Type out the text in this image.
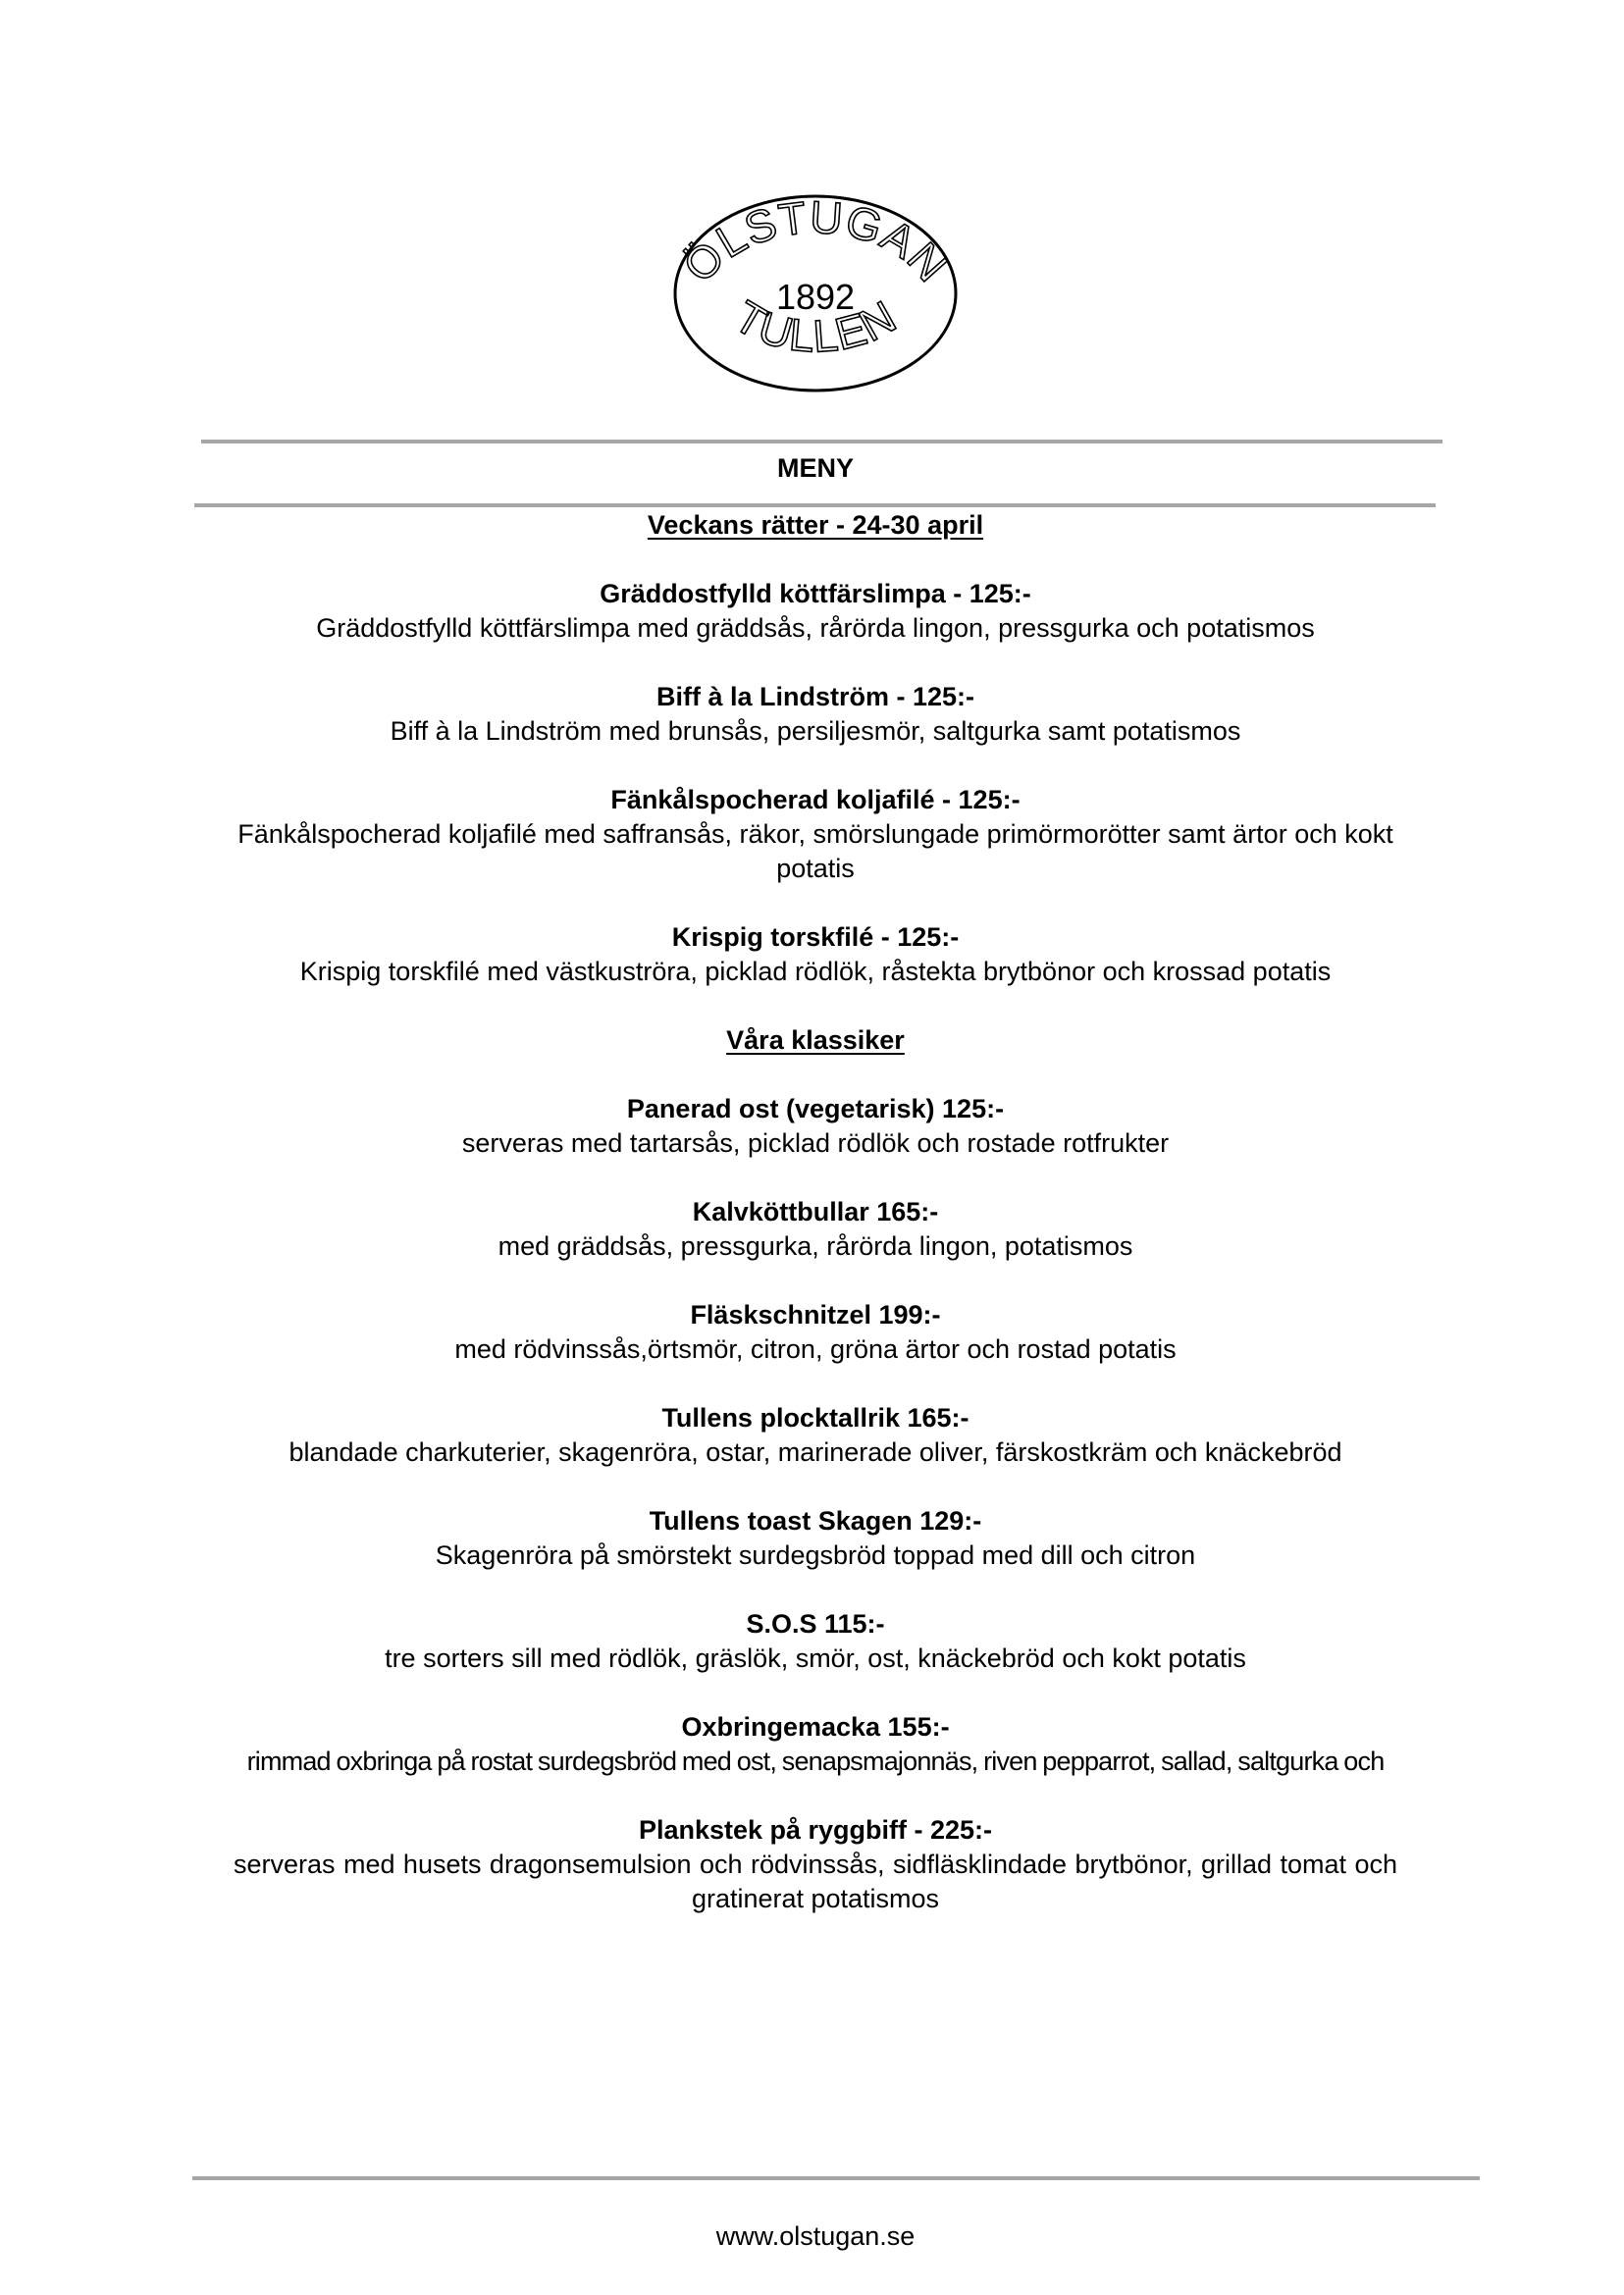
ÖLSTUGAN
1892
TULLEN
MENY

Veckans rätter - 24-30 april

Gräddostfylld köttfärslimpa - 125:-

Gräddostfylld köttfärslimpa med gräddsås, rårörda lingon, pressgurka och potatismos

Biff à la Lindström - 125:-

Biff à la Lindström med brunsås, persiljesmör, saltgurka samt potatismos

Fänkålspocherad koljafilé - 125:-

Fänkålspocherad koljafilé med saffransås, räkor, smörslungade primörmorötter samt ärtor och kokt potatis

Krispig torskfilé - 125:-

Krispig torskfilé med västkuströra, picklad rödlök, råstekta brytbönor och krossad potatis

Våra klassiker

Panerad ost (vegetarisk) 125:-

serveras med tartarsås, picklad rödlök och rostade rotfrukter

Kalvköttbullar 165:-

med gräddsås, pressgurka, rårörda lingon, potatismos

Fläskschnitzel 199:-

med rödvinssås,örtsmör, citron, gröna ärtor och rostad potatis

Tullens plocktallrik 165:-

blandade charkuterier, skagenröra, ostar, marinerade oliver, färskostkräm och knäckebröd

Tullens toast Skagen 129:-

Skagenröra på smörstekt surdegsbröd toppad med dill och citron

S.O.S 115:-

tre sorters sill med rödlök, gräslök, smör, ost, knäckebröd och kokt potatis

Oxbringemacka 155:-

rimmad oxbringa på rostat surdegsbröd med ost, senapsmajonnäs, riven pepparrot, sallad, saltgurka och

Plankstek på ryggbiff - 225:-

serveras med husets dragonsemulsion och rödvinssås, sidfläsklindade brytbönor, grillad tomat och

gratinerat potatismos

www.olstugan.se
